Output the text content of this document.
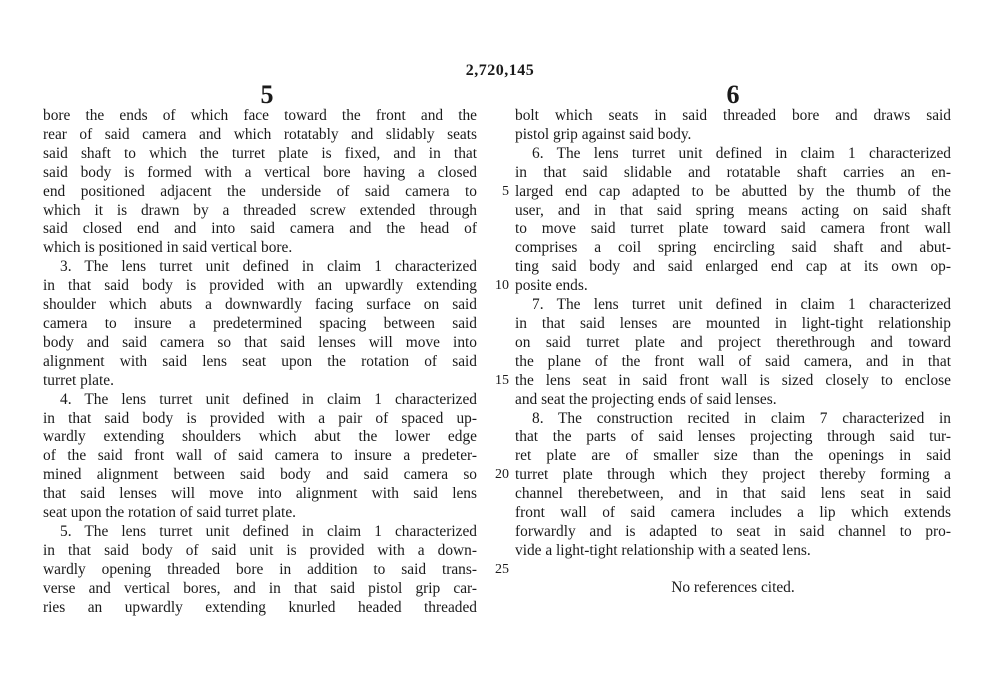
2,720,145
5	6
bore the ends of which face toward the front and the
rear of said camera and which rotatably and slidably seats
said shaft to which the turret plate is fixed, and in that
said body is formed with a vertical bore having a closed
end positioned adjacent the underside of said camera to
which it is drawn by a threaded screw extended through
said closed end and into said camera and the head of
which is positioned in said vertical bore.
3. The lens turret unit defined in claim 1 characterized
in that said body is provided with an upwardly extending
shoulder which abuts a downwardly facing surface on said
camera to insure a predetermined spacing between said
body and said camera so that said lenses will move into
alignment with said lens seat upon the rotation of said
turret plate.
4. The lens turret unit defined in claim 1 characterized
in that said body is provided with a pair of spaced up-
wardly extending shoulders which abut the lower edge
of the said front wall of said camera to insure a predeter-
mined alignment between said body and said camera so
that said lenses will move into alignment with said lens
seat upon the rotation of said turret plate.
5. The lens turret unit defined in claim 1 characterized
in that said body of said unit is provided with a down-
wardly opening threaded bore in addition to said trans-
verse and vertical bores, and in that said pistol grip car-
ries an upwardly extending knurled headed threaded
5
10
15
20
25
bolt which seats in said threaded bore and draws said
pistol grip against said body.
6. The lens turret unit defined in claim 1 characterized
in that said slidable and rotatable shaft carries an en-
larged end cap adapted to be abutted by the thumb of the
user, and in that said spring means acting on said shaft
to move said turret plate toward said camera front wall
comprises a coil spring encircling said shaft and abut-
ting said body and said enlarged end cap at its own op-
posite ends.
7. The lens turret unit defined in claim 1 characterized
in that said lenses are mounted in light-tight relationship
on said turret plate and project therethrough and toward
the plane of the front wall of said camera, and in that
the lens seat in said front wall is sized closely to enclose
and seat the projecting ends of said lenses.
8. The construction recited in claim 7 characterized in
that the parts of said lenses projecting through said tur-
ret plate are of smaller size than the openings in said
turret plate through which they project thereby forming a
channel therebetween, and in that said lens seat in said
front wall of said camera includes a lip which extends
forwardly and is adapted to seat in said channel to pro-
vide a light-tight relationship with a seated lens.
No references cited.
